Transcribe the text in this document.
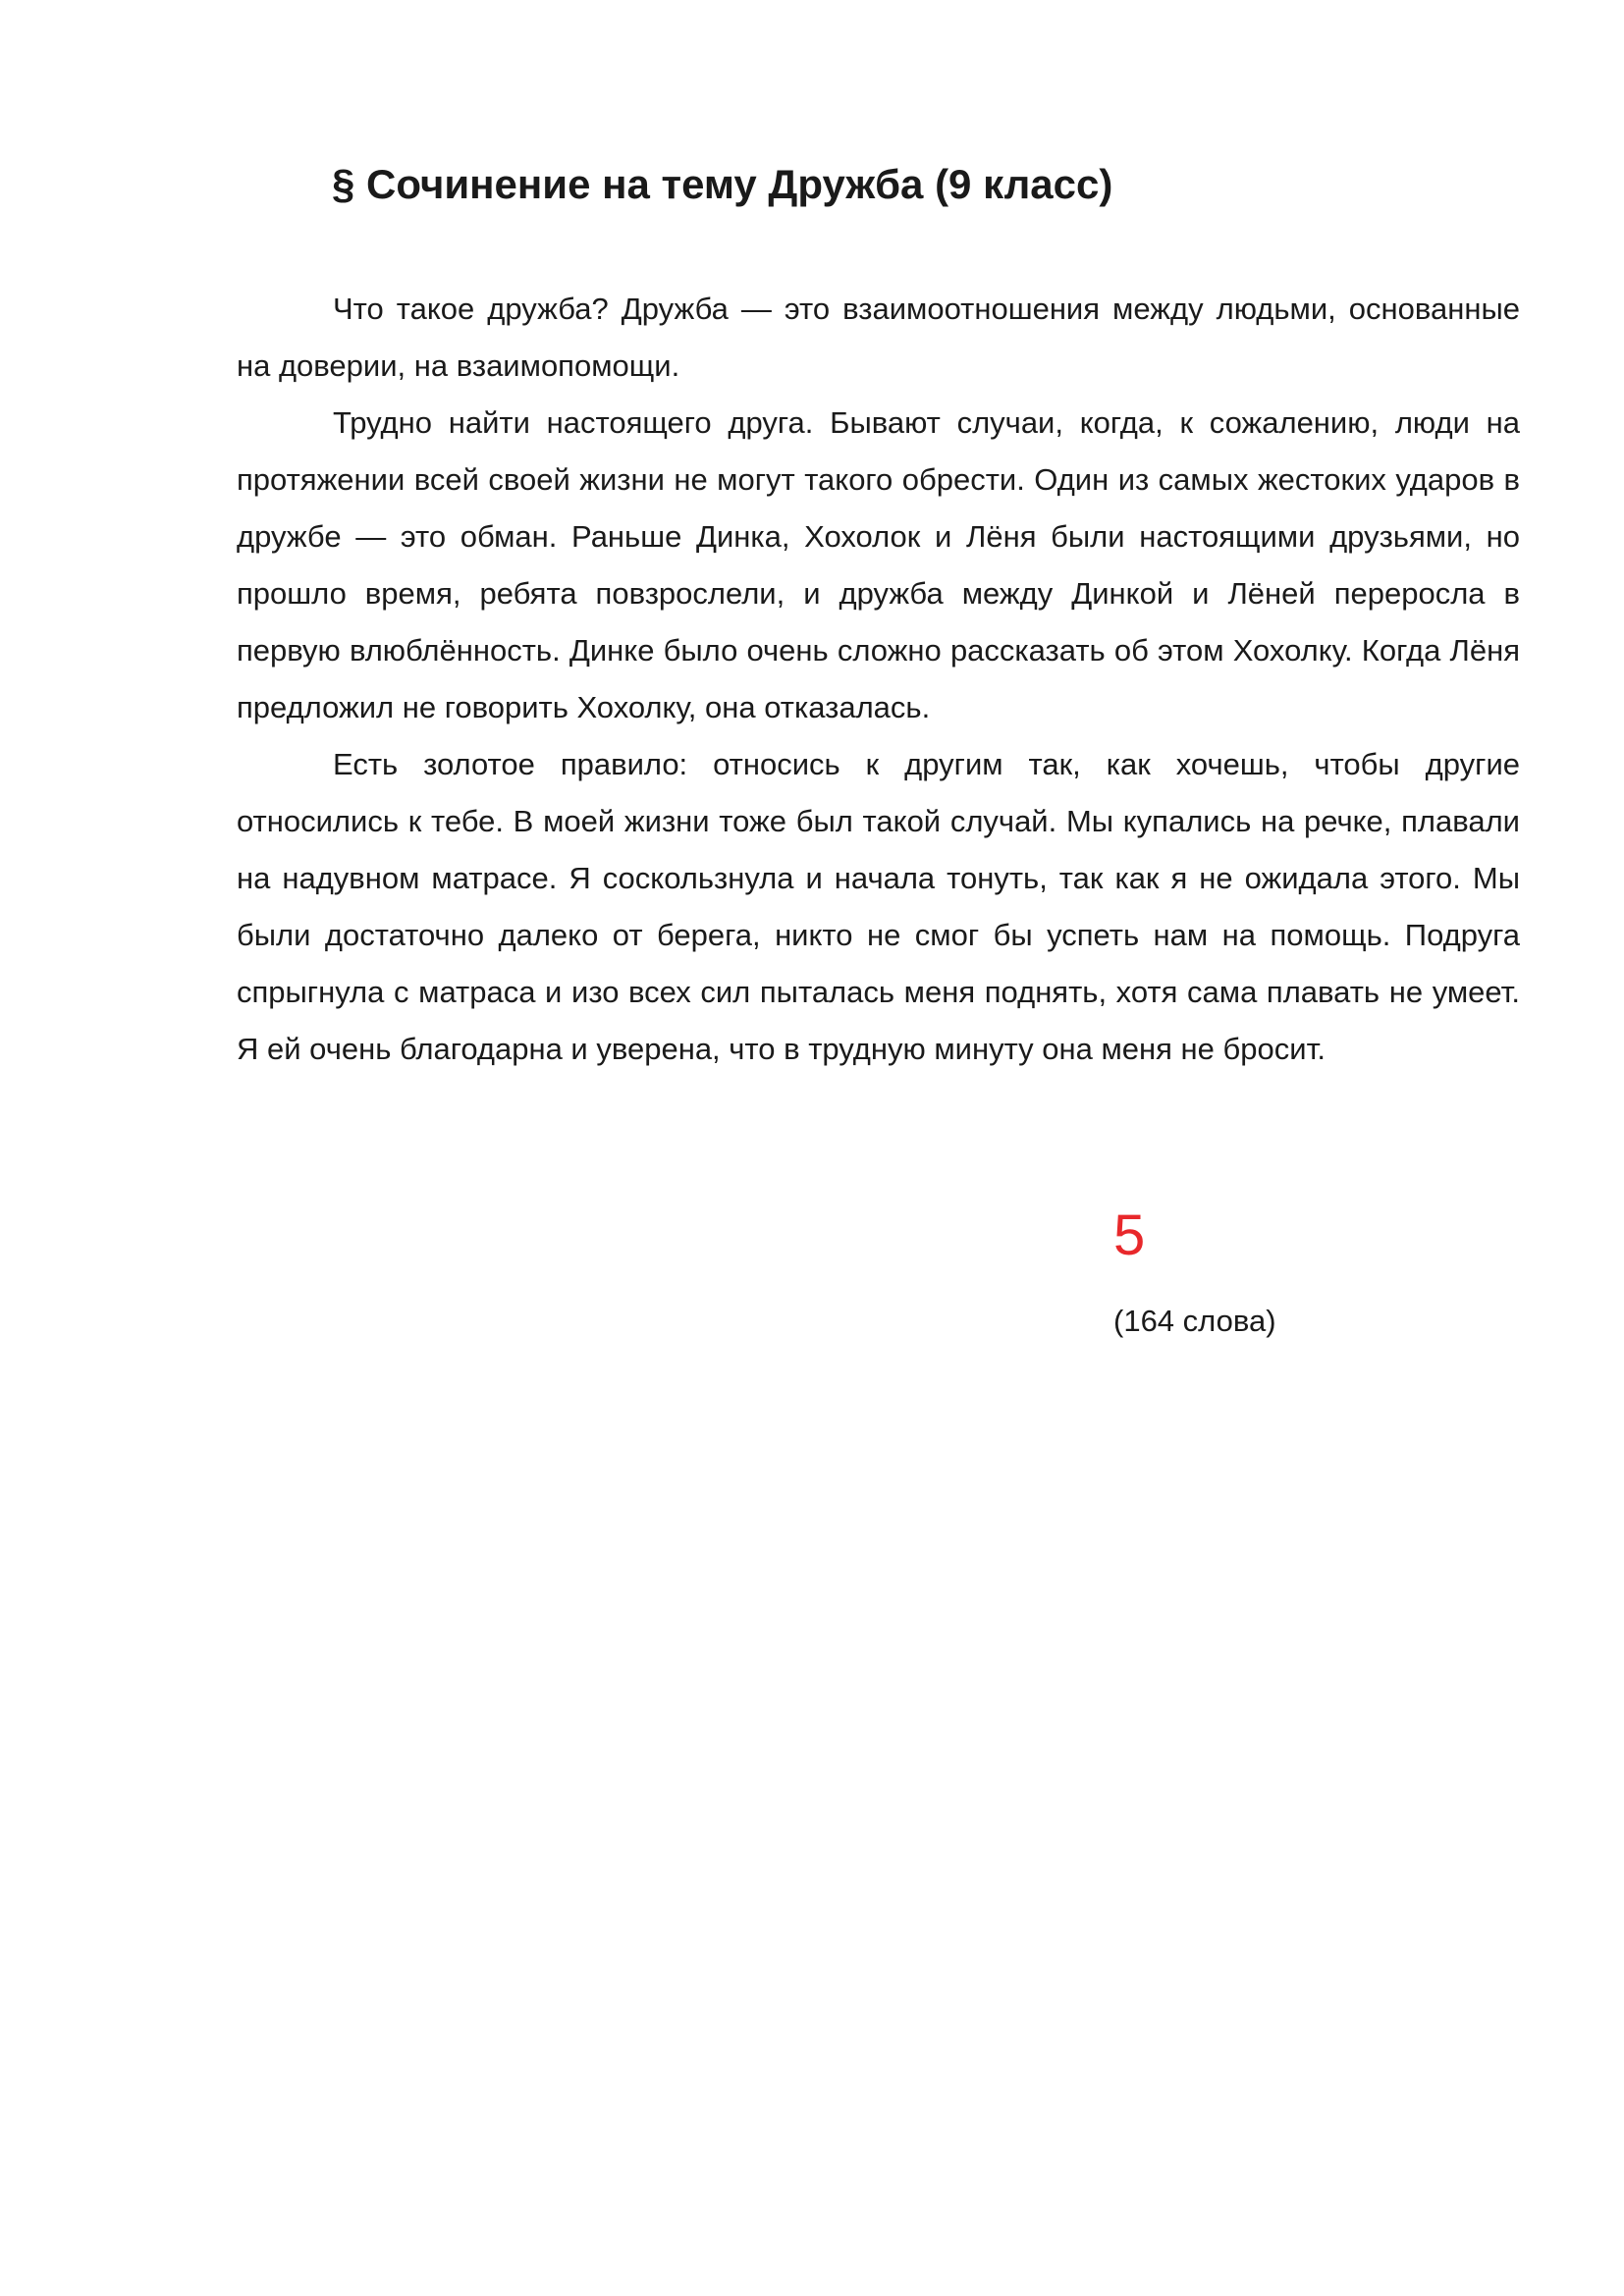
§ Сочинение на тему Дружба (9 класс)

Что такое дружба? Дружба — это взаимоотношения между людьми, основанные на доверии, на взаимопомощи.

Трудно найти настоящего друга. Бывают случаи, когда, к сожалению, люди на протяжении всей своей жизни не могут такого обрести. Один из самых жестоких ударов в дружбе — это обман. Раньше Динка, Хохолок и Лёня были настоящими друзьями, но прошло время, ребята повзрослели, и дружба между Динкой и Лёней переросла в первую влюблённость. Динке было очень сложно рассказать об этом Хохолку. Когда Лёня предложил не говорить Хохолку, она отказалась.

Есть золотое правило: относись к другим так, как хочешь, чтобы другие относились к тебе. В моей жизни тоже был такой случай. Мы купались на речке, плавали на надувном матрасе. Я соскользнула и начала тонуть, так как я не ожидала этого. Мы были достаточно далеко от берега, никто не смог бы успеть нам на помощь. Подруга спрыгнула с матраса и изо всех сил пыталась меня поднять, хотя сама плавать не умеет. Я ей очень благодарна и уверена, что в трудную минуту она меня не бросит.

5
(164 слова)
